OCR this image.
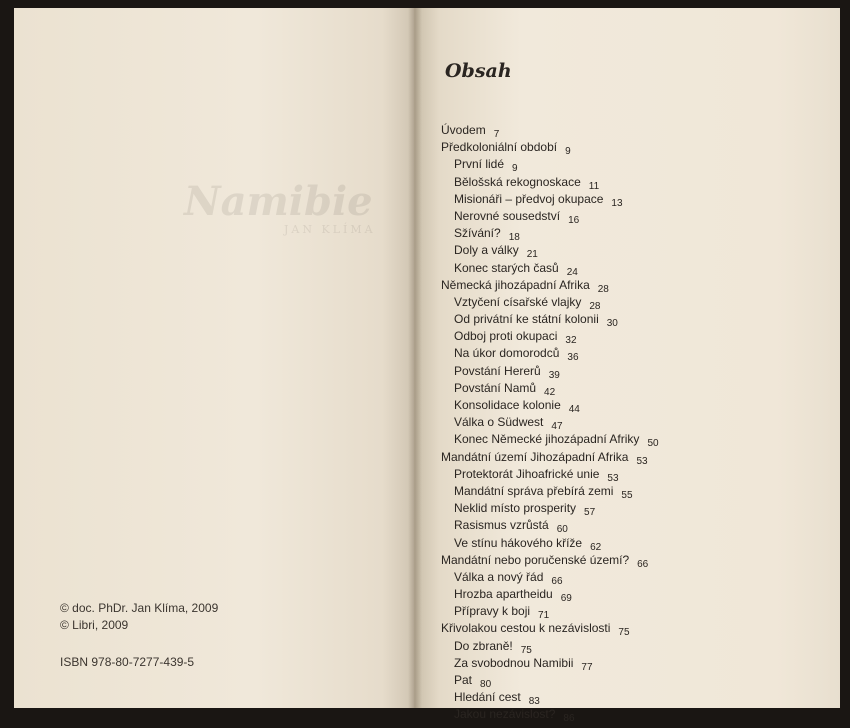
Namibie
JAN KLÍMA
© doc. PhDr. Jan Klíma, 2009
© Libri, 2009
ISBN 978-80-7277-439-5
Obsah
Úvodem 7
Předkoloniální období 9
První lidé 9
Bělošská rekognoskace 11
Misionáři – předvoj okupace 13
Nerovné sousedství 16
Sžívání? 18
Doly a války 21
Konec starých časů 24
Německá jihozápadní Afrika 28
Vztyčení císařské vlajky 28
Od privátní ke státní kolonii 30
Odboj proti okupaci 32
Na úkor domorodců 36
Povstání Hererů 39
Povstání Namů 42
Konsolidace kolonie 44
Válka o Südwest 47
Konec Německé jihozápadní Afriky 50
Mandátní území Jihozápadní Afrika 53
Protektorát Jihoafrické unie 53
Mandátní správa přebírá zemi 55
Neklid místo prosperity 57
Rasismus vzrůstá 60
Ve stínu hákového kříže 62
Mandátní nebo poručenské území? 66
Válka a nový řád 66
Hrozba apartheidu 69
Přípravy k boji 71
Křivolakou cestou k nezávislosti 75
Do zbraně! 75
Za svobodnou Namibii 77
Pat 80
Hledání cest 83
Jakou nezávislost? 86
